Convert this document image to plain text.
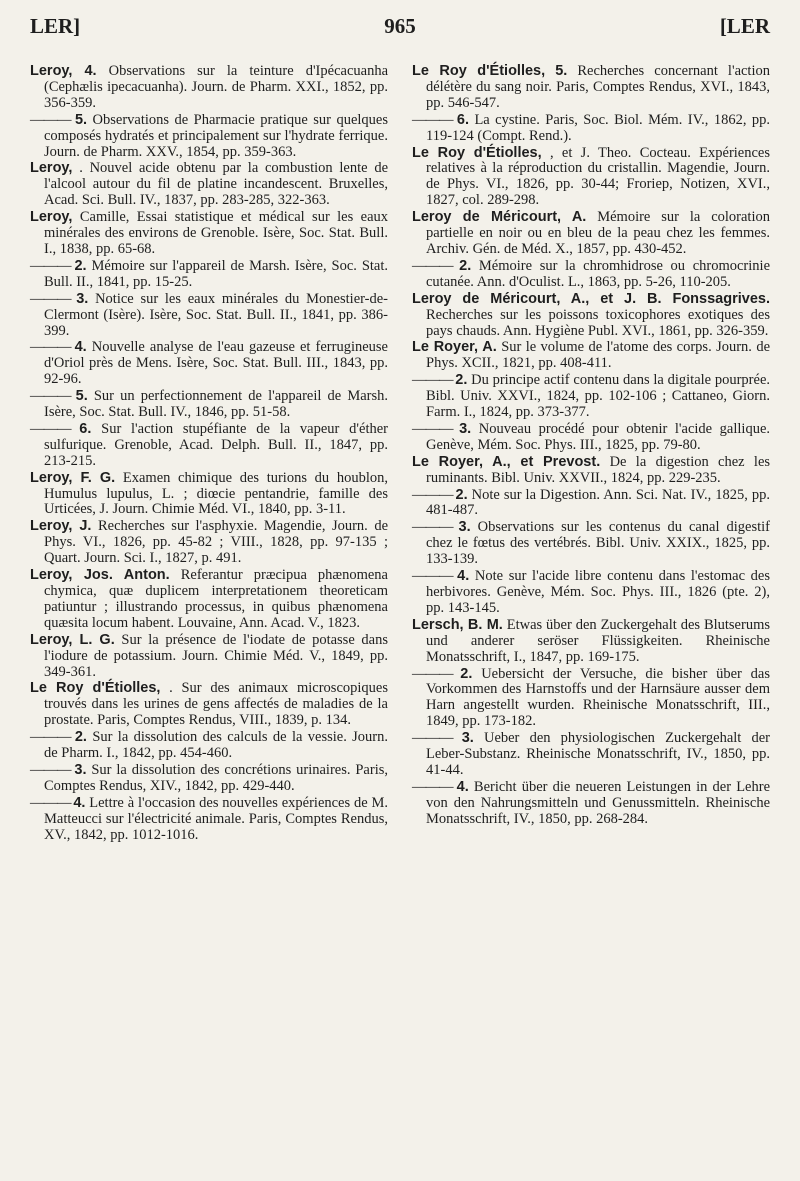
LER]	965	[LER

Leroy, 4. Observations sur la teinture d'Ipécacuanha (Cephælis ipecacuanha). Journ. de Pharm. XXI., 1852, pp. 356-359.

——— 5. Observations de Pharmacie pratique sur quelques composés hydratés et principalement sur l'hydrate ferrique. Journ. de Pharm. XXV., 1854, pp. 359-363.

Leroy, . Nouvel acide obtenu par la combustion lente de l'alcool autour du fil de platine incandescent. Bruxelles, Acad. Sci. Bull. IV., 1837, pp. 283-285, 322-363.

Leroy, Camille, Essai statistique et médical sur les eaux minérales des environs de Grenoble. Isère, Soc. Stat. Bull. I., 1838, pp. 65-68.

——— 2. Mémoire sur l'appareil de Marsh. Isère, Soc. Stat. Bull. II., 1841, pp. 15-25.

——— 3. Notice sur les eaux minérales du Monestier-de-Clermont (Isère). Isère, Soc. Stat. Bull. II., 1841, pp. 386-399.

——— 4. Nouvelle analyse de l'eau gazeuse et ferrugineuse d'Oriol près de Mens. Isère, Soc. Stat. Bull. III., 1843, pp. 92-96.

——— 5. Sur un perfectionnement de l'appareil de Marsh. Isère, Soc. Stat. Bull. IV., 1846, pp. 51-58.

——— 6. Sur l'action stupéfiante de la vapeur d'éther sulfurique. Grenoble, Acad. Delph. Bull. II., 1847, pp. 213-215.

Leroy, F. G. Examen chimique des turions du houblon, Humulus lupulus, L. ; diœcie pentandrie, famille des Urticées, J. Journ. Chimie Méd. VI., 1840, pp. 3-11.

Leroy, J. Recherches sur l'asphyxie. Magendie, Journ. de Phys. VI., 1826, pp. 45-82 ; VIII., 1828, pp. 97-135 ; Quart. Journ. Sci. I., 1827, p. 491.

Leroy, Jos. Anton. Referantur præcipua phænomena chymica, quæ duplicem interpretationem theoreticam patiuntur ; illustrando processus, in quibus phænomena quæsita locum habent. Louvaine, Ann. Acad. V., 1823.

Leroy, L. G. Sur la présence de l'iodate de potasse dans l'iodure de potassium. Journ. Chimie Méd. V., 1849, pp. 349-361.

Le Roy d'Étiolles, . Sur des animaux microscopiques trouvés dans les urines de gens affectés de maladies de la prostate. Paris, Comptes Rendus, VIII., 1839, p. 134.

——— 2. Sur la dissolution des calculs de la vessie. Journ. de Pharm. I., 1842, pp. 454-460.

——— 3. Sur la dissolution des concrétions urinaires. Paris, Comptes Rendus, XIV., 1842, pp. 429-440.

——— 4. Lettre à l'occasion des nouvelles expériences de M. Matteucci sur l'électricité animale. Paris, Comptes Rendus, XV., 1842, pp. 1012-1016.

Le Roy d'Étiolles, 5. Recherches concernant l'action délétère du sang noir. Paris, Comptes Rendus, XVI., 1843, pp. 546-547.

——— 6. La cystine. Paris, Soc. Biol. Mém. IV., 1862, pp. 119-124 (Compt. Rend.).

Le Roy d'Étiolles, , et J. Theo. Cocteau. Expériences relatives à la réproduction du cristallin. Magendie, Journ. de Phys. VI., 1826, pp. 30-44; Froriep, Notizen, XVI., 1827, col. 289-298.

Leroy de Méricourt, A. Mémoire sur la coloration partielle en noir ou en bleu de la peau chez les femmes. Archiv. Gén. de Méd. X., 1857, pp. 430-452.

——— 2. Mémoire sur la chromhidrose ou chromocrinie cutanée. Ann. d'Oculist. L., 1863, pp. 5-26, 110-205.

Leroy de Méricourt, A., et J. B. Fonssagrives. Recherches sur les poissons toxicophores exotiques des pays chauds. Ann. Hygiène Publ. XVI., 1861, pp. 326-359.

Le Royer, A. Sur le volume de l'atome des corps. Journ. de Phys. XCII., 1821, pp. 408-411.

——— 2. Du principe actif contenu dans la digitale pourprée. Bibl. Univ. XXVI., 1824, pp. 102-106 ; Cattaneo, Giorn. Farm. I., 1824, pp. 373-377.

——— 3. Nouveau procédé pour obtenir l'acide gallique. Genève, Mém. Soc. Phys. III., 1825, pp. 79-80.

Le Royer, A., et Prevost. De la digestion chez les ruminants. Bibl. Univ. XXVII., 1824, pp. 229-235.

——— 2. Note sur la Digestion. Ann. Sci. Nat. IV., 1825, pp. 481-487.

——— 3. Observations sur les contenus du canal digestif chez le fœtus des vertébrés. Bibl. Univ. XXIX., 1825, pp. 133-139.

——— 4. Note sur l'acide libre contenu dans l'estomac des herbivores. Genève, Mém. Soc. Phys. III., 1826 (pte. 2), pp. 143-145.

Lersch, B. M. Etwas über den Zuckergehalt des Blutserums und anderer seröser Flüssigkeiten. Rheinische Monatsschrift, I., 1847, pp. 169-175.

——— 2. Uebersicht der Versuche, die bisher über das Vorkommen des Harnstoffs und der Harnsäure ausser dem Harn angestellt wurden. Rheinische Monatsschrift, III., 1849, pp. 173-182.

——— 3. Ueber den physiologischen Zuckergehalt der Leber-Substanz. Rheinische Monatsschrift, IV., 1850, pp. 41-44.

——— 4. Bericht über die neueren Leistungen in der Lehre von den Nahrungsmitteln und Genussmitteln. Rheinische Monatsschrift, IV., 1850, pp. 268-284.
